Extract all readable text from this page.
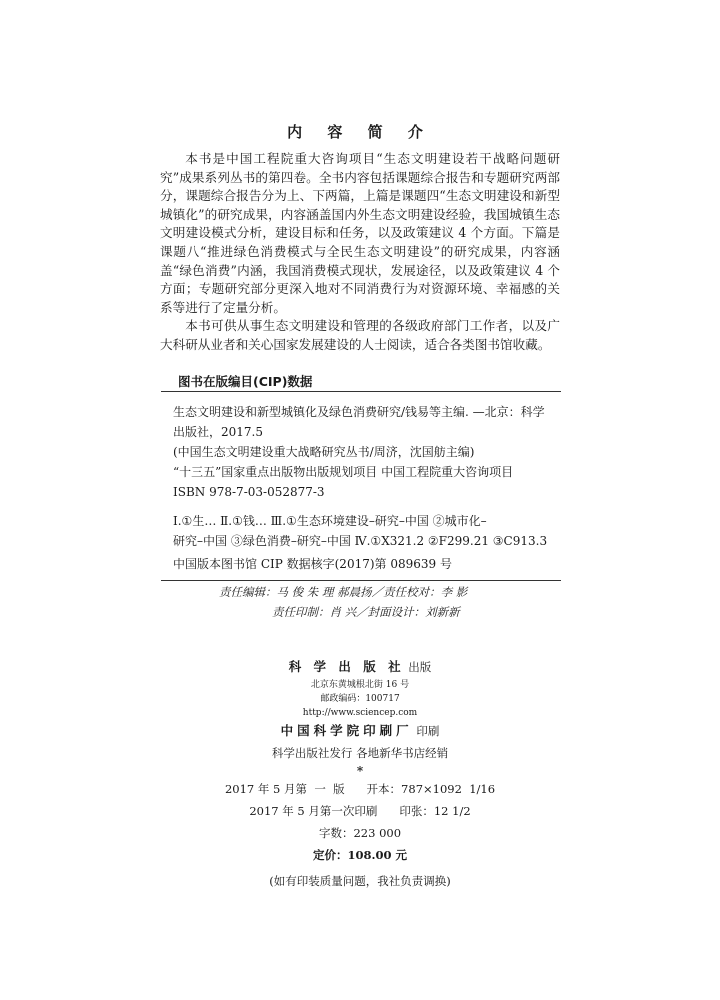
内 容 简 介

本书是中国工程院重大咨询项目“生态文明建设若干战略问题研究”成果系列丛书的第四卷。全书内容包括课题综合报告和专题研究两部分，课题综合报告分为上、下两篇，上篇是课题四“生态文明建设和新型城镇化”的研究成果，内容涵盖国内外生态文明建设经验，我国城镇生态文明建设模式分析，建设目标和任务，以及政策建议 4 个方面。下篇是课题八“推进绿色消费模式与全民生态文明建设”的研究成果，内容涵盖“绿色消费”内涵，我国消费模式现状，发展途径，以及政策建议 4 个方面；专题研究部分更深入地对不同消费行为对资源环境、幸福感的关系等进行了定量分析。

本书可供从事生态文明建设和管理的各级政府部门工作者，以及广大科研从业者和关心国家发展建设的人士阅读，适合各类图书馆收藏。

图书在版编目(CIP)数据
生态文明建设和新型城镇化及绿色消费研究/钱易等主编. —北京：科学
出版社，2017.5
(中国生态文明建设重大战略研究丛书/周济，沈国舫主编)
“十三五”国家重点出版物出版规划项目 中国工程院重大咨询项目
ISBN 978-7-03-052877-3
Ⅰ.①生… Ⅱ.①钱… Ⅲ.①生态环境建设–研究–中国 ②城市化–
研究–中国 ③绿色消费–研究–中国 Ⅳ.①X321.2 ②F299.21 ③C913.3
中国版本图书馆 CIP 数据核字(2017)第 089639 号
责任编辑：马 俊 朱 理 郝晨扬／责任校对：李 影
责任印制：肖 兴／封面设计：刘新新
科 学 出 版 社 出版
北京东黄城根北街 16 号
邮政编码：100717
http://www.sciencep.com
中国科学院印刷厂 印刷
科学出版社发行 各地新华书店经销
*
2017 年 5 月第  一  版      开本：787×1092  1/16
2017 年 5 月第一次印刷      印张：12 1/2
字数：223 000
定价：108.00 元
(如有印装质量问题，我社负责调换)
